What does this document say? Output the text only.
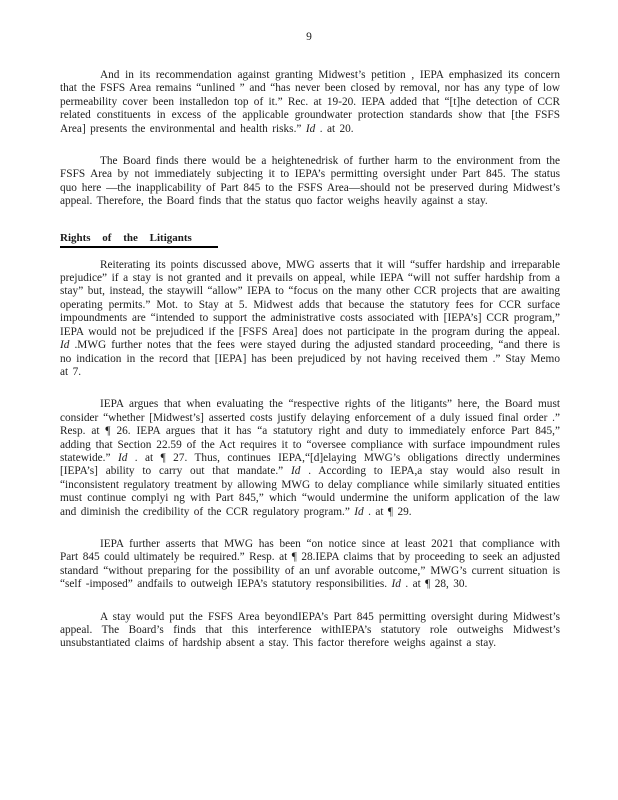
9

And in its recommendation against granting Midwest’s petition , IEPA emphasized its concern that the FSFS Area remains “unlined ” and “has never been closed by removal, nor has any type of low permeability cover been installedon top of it.” Rec. at 19-20. IEPA added that “[t]he detection of CCR related constituents in excess of the applicable groundwater protection standards show that [the FSFS Area] presents the environmental and health risks.” Id . at 20.

The Board finds there would be a heightenedrisk of further harm to the environment from the FSFS Area by not immediately subjecting it to IEPA’s permitting oversight under Part 845. The status quo here —the inapplicability of Part 845 to the FSFS Area—should not be preserved during Midwest’s appeal. Therefore, the Board finds that the status quo factor weighs heavily against a stay.

Rights of the Litigants

Reiterating its points discussed above, MWG asserts that it will “suffer hardship and irreparable prejudice” if a stay is not granted and it prevails on appeal, while IEPA “will not suffer hardship from a stay” but, instead, the staywill “allow” IEPA to “focus on the many other CCR projects that are awaiting operating permits.” Mot. to Stay at 5. Midwest adds that because the statutory fees for CCR surface impoundments are “intended to support the administrative costs associated with [IEPA’s] CCR program,” IEPA would not be prejudiced if the [FSFS Area] does not participate in the program during the appeal. Id .MWG further notes that the fees were stayed during the adjusted standard proceeding, “and there is no indication in the record that [IEPA] has been prejudiced by not having received them .” Stay Memo at 7.

IEPA argues that when evaluating the “respective rights of the litigants” here, the Board must consider “whether [Midwest’s] asserted costs justify delaying enforcement of a duly issued final order .” Resp. at ¶ 26. IEPA argues that it has “a statutory right and duty to immediately enforce Part 845,” adding that Section 22.59 of the Act requires it to “oversee compliance with surface impoundment rules statewide.” Id . at ¶ 27. Thus, continues IEPA,“[d]elaying MWG’s obligations directly undermines [IEPA’s] ability to carry out that mandate.” Id . According to IEPA,a stay would also result in “inconsistent regulatory treatment by allowing MWG to delay compliance while similarly situated entities must continue complyi ng with Part 845,” which “would undermine the uniform application of the law and diminish the credibility of the CCR regulatory program.” Id . at ¶ 29.

IEPA further asserts that MWG has been “on notice since at least 2021 that compliance with Part 845 could ultimately be required.” Resp. at ¶ 28.IEPA claims that by proceeding to seek an adjusted standard “without preparing for the possibility of an unf avorable outcome,” MWG’s current situation is “self -imposed” andfails to outweigh IEPA’s statutory responsibilities. Id . at ¶ 28, 30.

A stay would put the FSFS Area beyondIEPA’s Part 845 permitting oversight during Midwest’s appeal. The Board’s finds that this interference withIEPA’s statutory role outweighs Midwest’s unsubstantiated claims of hardship absent a stay. This factor therefore weighs against a stay.
